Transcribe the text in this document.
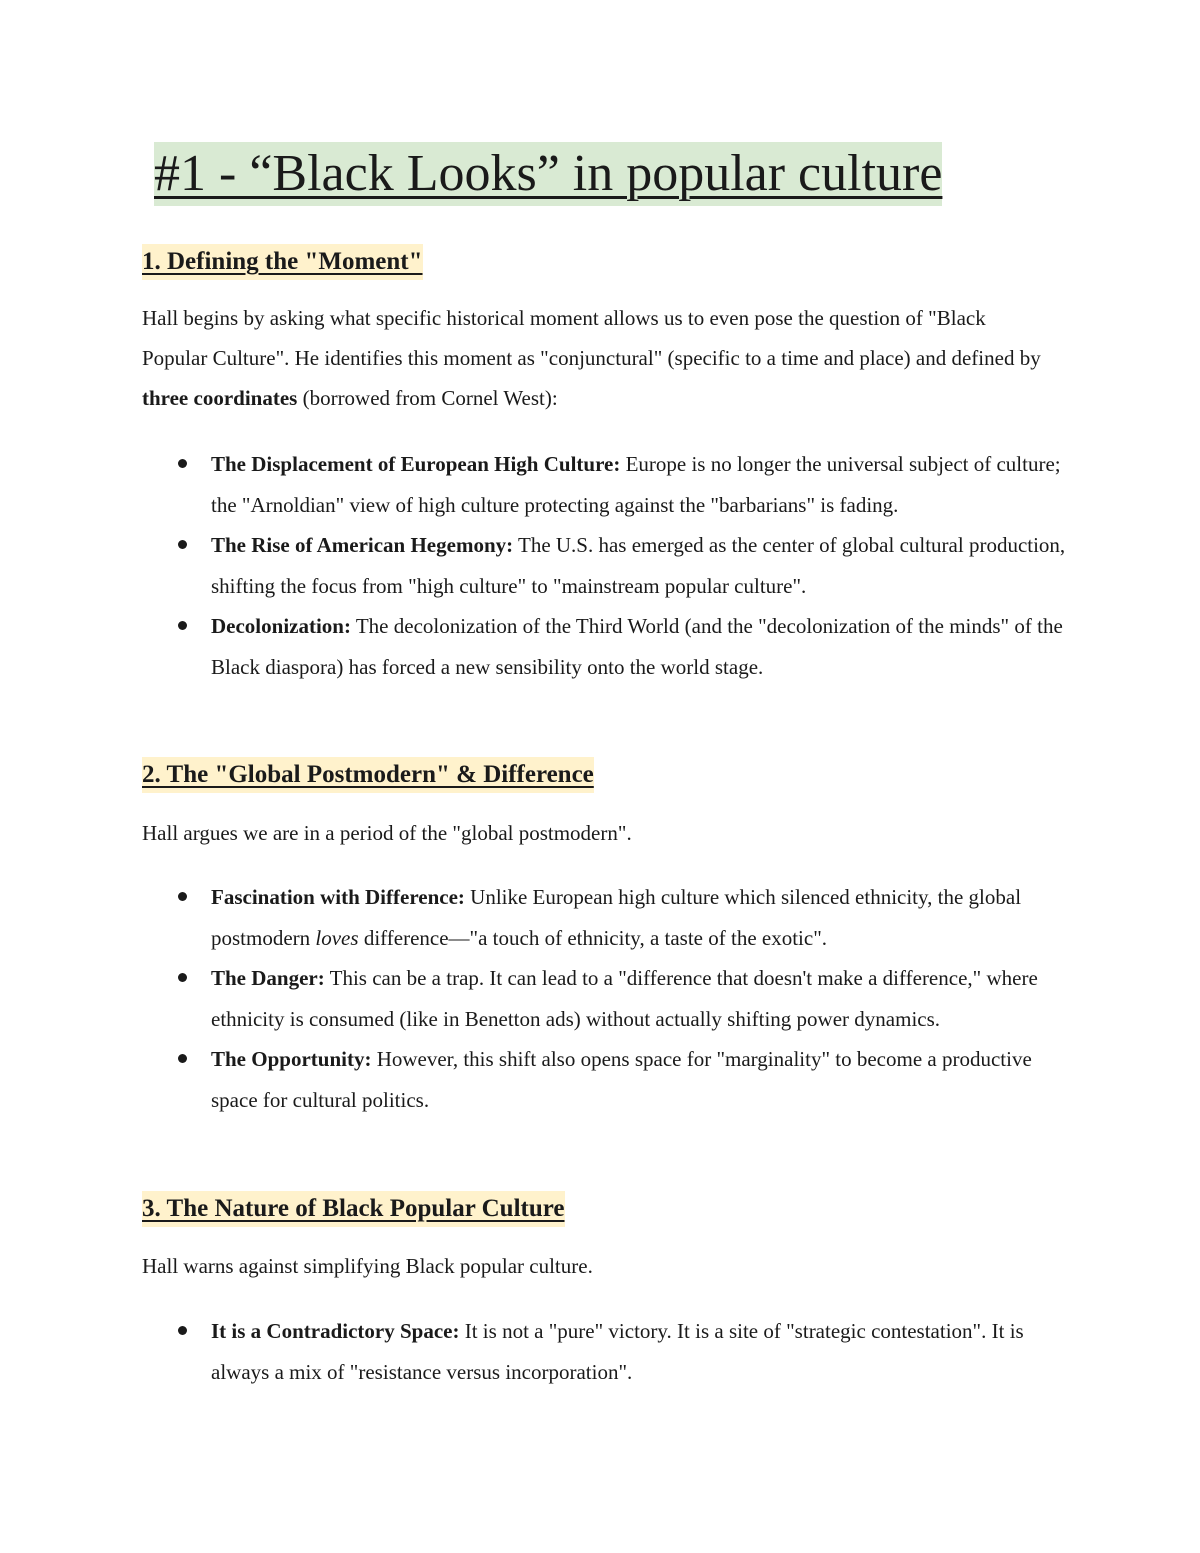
#1 - “Black Looks” in popular culture
1. Defining the "Moment"

Hall begins by asking what specific historical moment allows us to even pose the question of "Black Popular Culture". He identifies this moment as "conjunctural" (specific to a time and place) and defined by three coordinates (borrowed from Cornel West):

The Displacement of European High Culture: Europe is no longer the universal subject of culture; the "Arnoldian" view of high culture protecting against the "barbarians" is fading.
The Rise of American Hegemony: The U.S. has emerged as the center of global cultural production, shifting the focus from "high culture" to "mainstream popular culture".
Decolonization: The decolonization of the Third World (and the "decolonization of the minds" of the Black diaspora) has forced a new sensibility onto the world stage.
2. The "Global Postmodern" & Difference

Hall argues we are in a period of the "global postmodern".

Fascination with Difference: Unlike European high culture which silenced ethnicity, the global postmodern loves difference—"a touch of ethnicity, a taste of the exotic".
The Danger: This can be a trap. It can lead to a "difference that doesn't make a difference," where ethnicity is consumed (like in Benetton ads) without actually shifting power dynamics.
The Opportunity: However, this shift also opens space for "marginality" to become a productive space for cultural politics.
3. The Nature of Black Popular Culture

Hall warns against simplifying Black popular culture.

It is a Contradictory Space: It is not a "pure" victory. It is a site of "strategic contestation". It is always a mix of "resistance versus incorporation".
